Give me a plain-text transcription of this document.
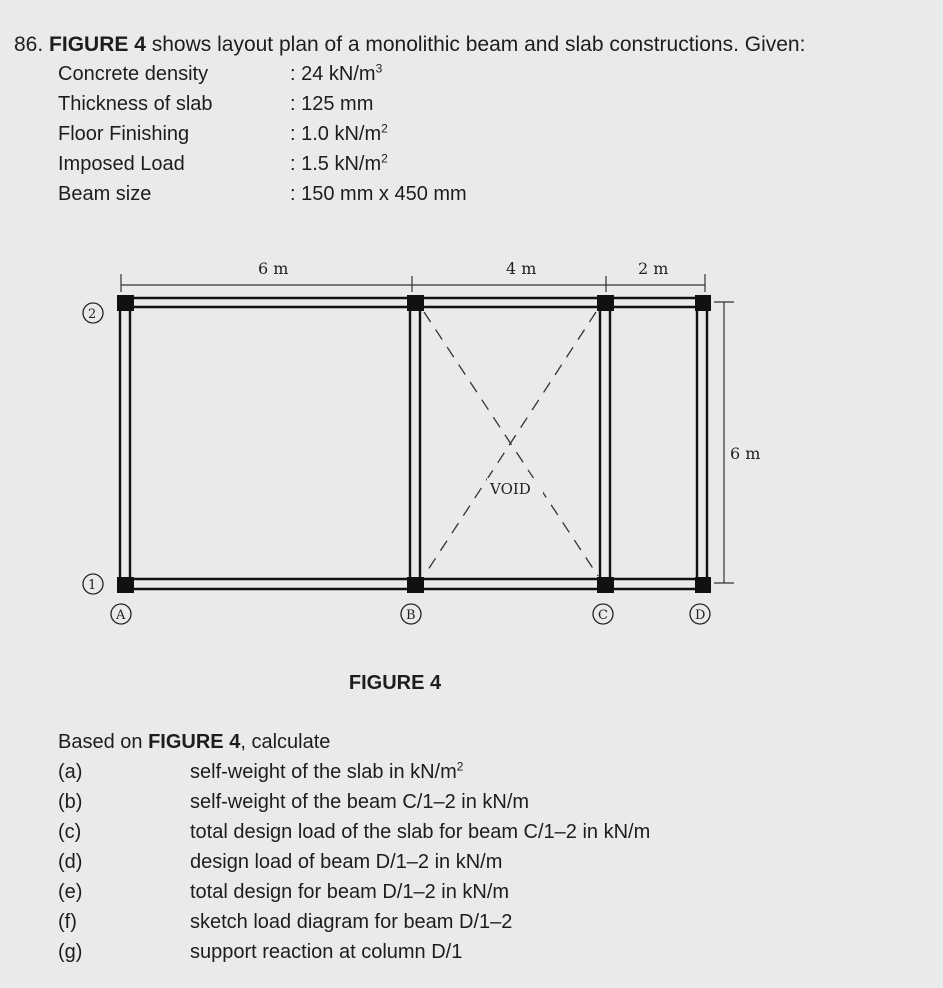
86. FIGURE 4 shows layout plan of a monolithic beam and slab constructions. Given:
Concrete density	: 24 $kN/m^3$
Thickness of slab	: 125 mm
Floor Finishing	: 1.0 $kN/m^2$
Imposed Load	: 1.5 $kN/m^2$
Beam size	: 150 mm x 450 mm
6 m	4 m	2 m
6 m
VOID
2
1
A	B	C	D
FIGURE 4
Based on FIGURE 4, calculate
(a)	self-weight of the slab in $kN/m^2$
(b)	self-weight of the beam C/1–2 in kN/m
(c)	total design load of the slab for beam C/1–2 in kN/m
(d)	design load of beam D/1–2 in kN/m
(e)	total design for beam D/1–2 in kN/m
(f)	sketch load diagram for beam D/1–2
(g)	support reaction at column D/1
